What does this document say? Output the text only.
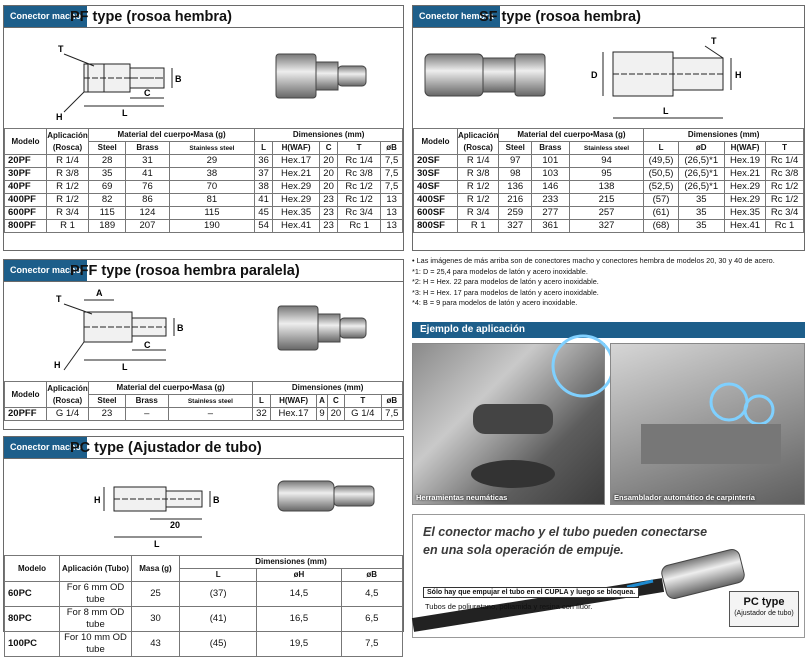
Conector macho
PF type (rosoa hembra)
T
B
C
L
H
Modelo	Aplicación (Rosca)	Material del cuerpo•Masa (g)			Dimensiones (mm)				
		Steel	Brass	Stainless steel	L	H(WAF)	C	T	øB
20PF	R 1/4	28	31	29	36	Hex.17	20	Rc 1/4	7,5
30PF	R 3/8	35	41	38	37	Hex.21	20	Rc 3/8	7,5
40PF	R 1/2	69	76	70	38	Hex.29	20	Rc 1/2	7,5
400PF	R 1/2	82	86	81	41	Hex.29	23	Rc 1/2	13
600PF	R 3/4	115	124	115	45	Hex.35	23	Rc 3/4	13
800PF	R 1	189	207	190	54	Hex.41	23	Rc 1	13
Conector macho
PFF type (rosoa hembra paralela)
T
A
B
C
L
H
Modelo	Aplicación (Rosca)	Material del cuerpo•Masa (g)			Dimensiones (mm)					
		Steel	Brass	Stainless steel	L	H(WAF)	A	C	T	øB
20PFF	G 1/4	23	–	–	32	Hex.17	9	20	G 1/4	7,5
Conector macho
PC type (Ajustador de tubo)
H	B
20
L
Modelo	Aplicación (Tubo)	Masa (g)	Dimensiones (mm)		
			L	øH	øB
60PC	For 6 mm OD tube	25	(37)	14,5	4,5
80PC	For 8 mm OD tube	30	(41)	16,5	6,5
100PC	For 10 mm OD tube	43	(45)	19,5	7,5
Conector hembra
SF type (rosoa hembra)
D	H
T
L
Modelo	Aplicación (Rosca)	Material del cuerpo•Masa (g)			Dimensiones (mm)			
		Steel	Brass	Stainless steel	L	øD	H(WAF)	T
20SF	R 1/4	97	101	94	(49,5)	(26,5)*1	Hex.19	Rc 1/4
30SF	R 3/8	98	103	95	(50,5)	(26,5)*1	Hex.21	Rc 3/8
40SF	R 1/2	136	146	138	(52,5)	(26,5)*1	Hex.29	Rc 1/2
400SF	R 1/2	216	233	215	(57)	35	Hex.29	Rc 1/2
600SF	R 3/4	259	277	257	(61)	35	Hex.35	Rc 3/4
800SF	R 1	327	361	327	(68)	35	Hex.41	Rc 1
• Las imágenes de más arriba son de conectores macho y conectores hembra de modelos 20, 30 y 40 de acero.
*1: D = 25,4 para modelos de latón y acero inoxidable.
*2: H = Hex. 22 para modelos de latón y acero inoxidable.
*3: H = Hex. 17 para modelos de latón y acero inoxidable.
*4: B = 9 para modelos de latón y acero inoxidable.
Ejemplo de aplicación
Herramientas neumáticas	Ensamblador automático de carpintería
El conector macho y el tubo pueden conectarse
en una sola operación de empuje.
Sólo hay que empujar el tubo en el CUPLA y luego se bloquea.
Tubos de poliuretano, poliamida y resina con flúor.	PC type
(Ajustador de tubo)
